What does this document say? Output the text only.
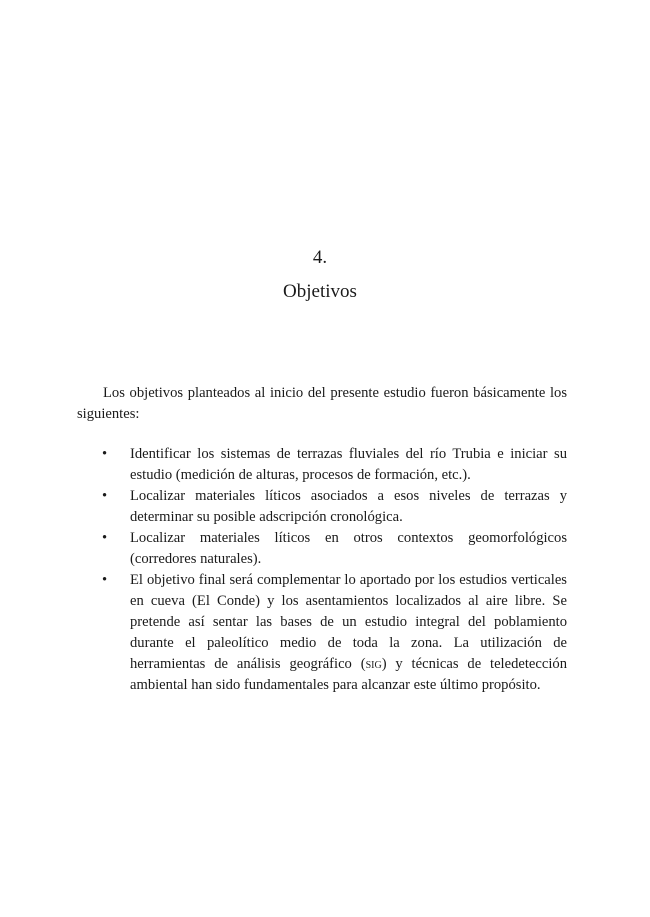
4.
Objetivos

Los objetivos planteados al inicio del presente estudio fueron básicamente los siguientes:

• Identificar los sistemas de terrazas fluviales del río Trubia e iniciar su estudio (medición de alturas, procesos de formación, etc.).
• Localizar materiales líticos asociados a esos niveles de terrazas y determinar su posible adscripción cronológica.
• Localizar materiales líticos en otros contextos geomorfológicos (corredores naturales).
• El objetivo final será complementar lo aportado por los estudios verticales en cueva (El Conde) y los asentamientos localizados al aire libre. Se pretende así sentar las bases de un estudio integral del poblamiento durante el paleolítico medio de toda la zona. La utilización de herramientas de análisis geográfico (sig) y técnicas de teledetección ambiental han sido fundamentales para alcanzar este último propósito.
